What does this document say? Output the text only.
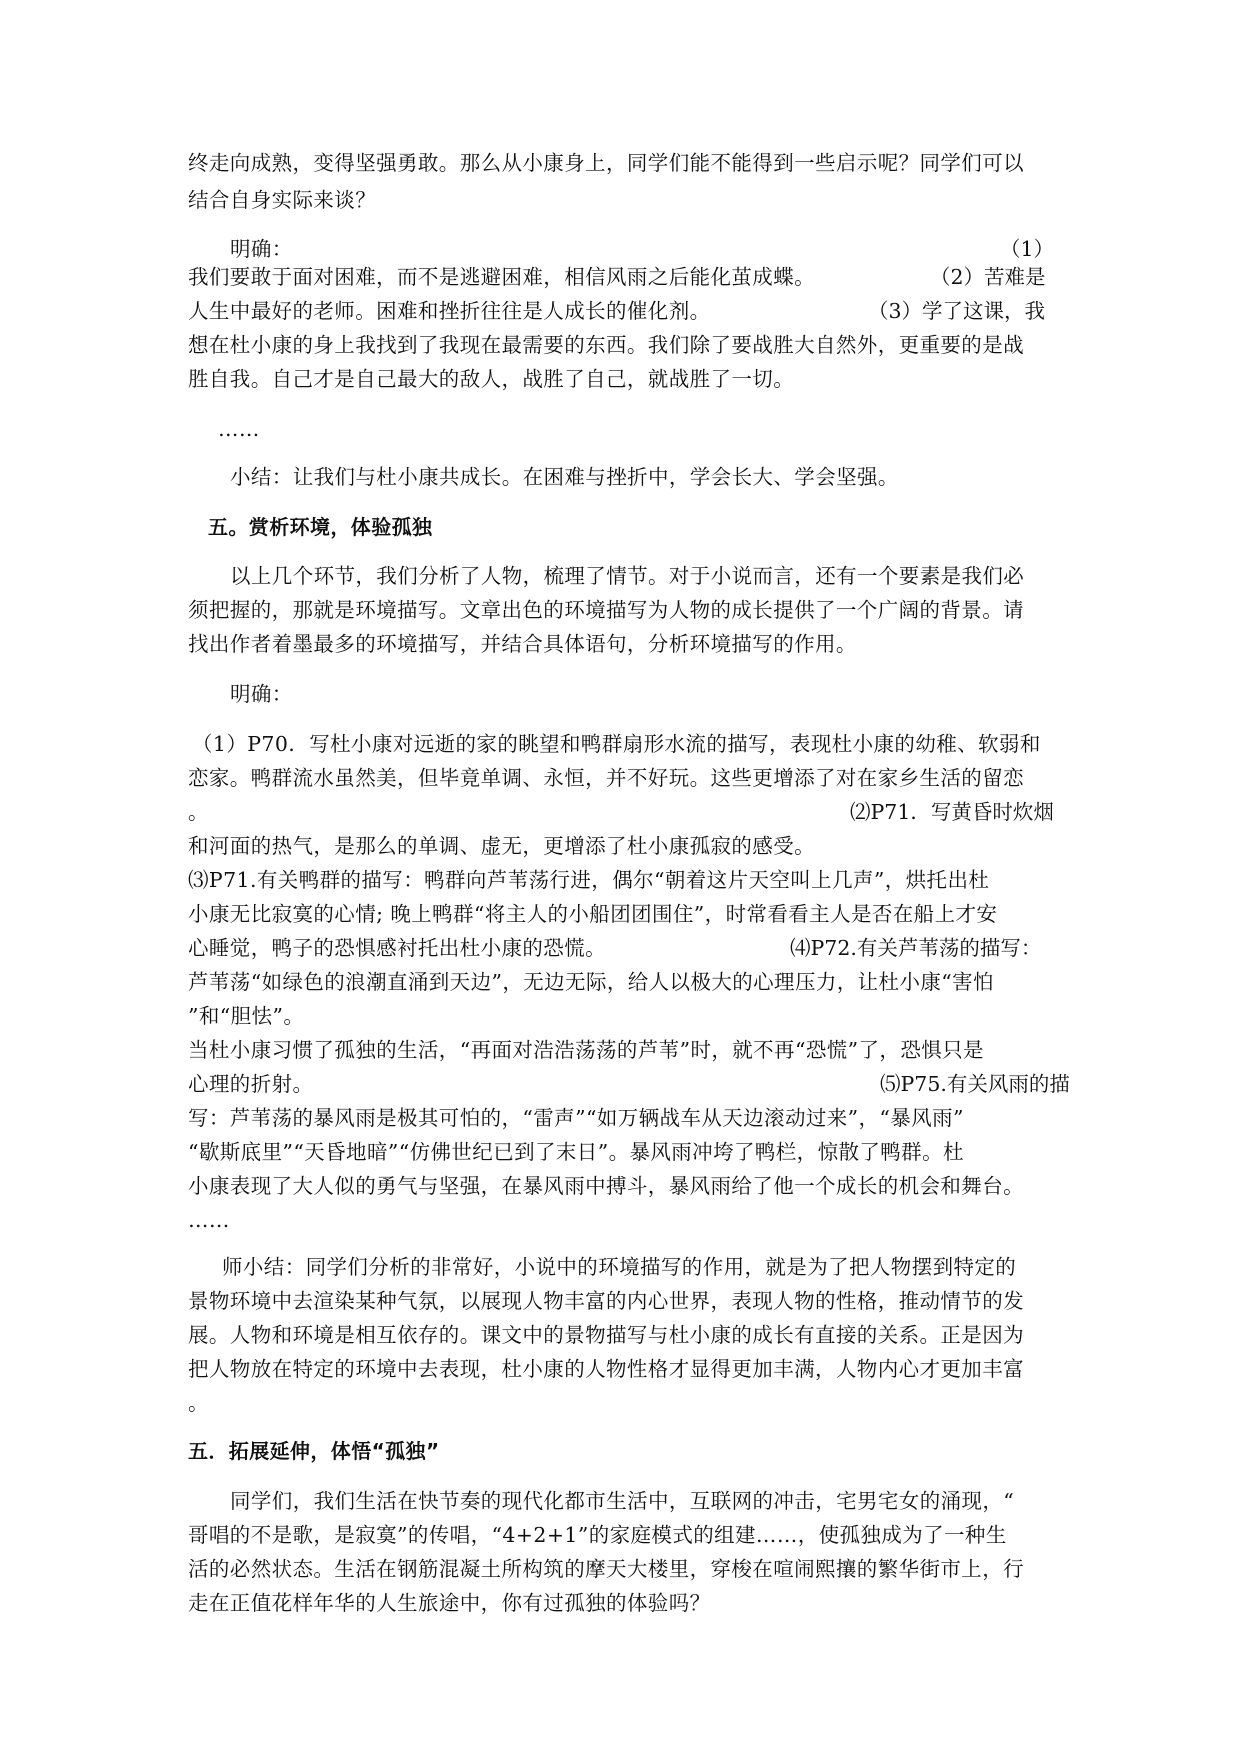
终走向成熟，变得坚强勇敢。那么从小康身上，同学们能不能得到一些启示呢？同学们可以
结合自身实际来谈？
明确：	（1）
我们要敢于面对困难，而不是逃避困难，相信风雨之后能化茧成蝶。	（2）苦难是
人生中最好的老师。困难和挫折往往是人成长的催化剂。	（3）学了这课，我
想在杜小康的身上我找到了我现在最需要的东西。我们除了要战胜大自然外，更重要的是战
胜自我。自己才是自己最大的敌人，战胜了自己，就战胜了一切。
……
小结：让我们与杜小康共成长。在困难与挫折中，学会长大、学会坚强。
五。赏析环境，体验孤独
以上几个环节，我们分析了人物，梳理了情节。对于小说而言，还有一个要素是我们必
须把握的，那就是环境描写。文章出色的环境描写为人物的成长提供了一个广阔的背景。请
找出作者着墨最多的环境描写，并结合具体语句，分析环境描写的作用。
明确：
（1）P70．写杜小康对远逝的家的眺望和鸭群扇形水流的描写，表现杜小康的幼稚、软弱和
恋家。鸭群流水虽然美，但毕竟单调、永恒，并不好玩。这些更增添了对在家乡生活的留恋
。	⑵P71．写黄昏时炊烟
和河面的热气，是那么的单调、虚无，更增添了杜小康孤寂的感受。
⑶P71.有关鸭群的描写：鸭群向芦苇荡行进，偶尔“朝着这片天空叫上几声”，烘托出杜
小康无比寂寞的心情; 晚上鸭群“将主人的小船团团围住”，时常看看主人是否在船上才安
心睡觉，鸭子的恐惧感衬托出杜小康的恐慌。	⑷P72.有关芦苇荡的描写：
芦苇荡“如绿色的浪潮直涌到天边”，无边无际，给人以极大的心理压力，让杜小康“害怕
”和“胆怯”。
当杜小康习惯了孤独的生活，“再面对浩浩荡荡的芦苇”时，就不再“恐慌”了，恐惧只是
心理的折射。	⑸P75.有关风雨的描
写：芦苇荡的暴风雨是极其可怕的，“雷声”“如万辆战车从天边滚动过来”，“暴风雨”
“歇斯底里”“天昏地暗”“仿佛世纪已到了末日”。暴风雨冲垮了鸭栏，惊散了鸭群。杜
小康表现了大人似的勇气与坚强，在暴风雨中搏斗，暴风雨给了他一个成长的机会和舞台。
……
师小结：同学们分析的非常好，小说中的环境描写的作用，就是为了把人物摆到特定的
景物环境中去渲染某种气氛，以展现人物丰富的内心世界，表现人物的性格，推动情节的发
展。人物和环境是相互依存的。课文中的景物描写与杜小康的成长有直接的关系。正是因为
把人物放在特定的环境中去表现，杜小康的人物性格才显得更加丰满，人物内心才更加丰富
。
五．拓展延伸，体悟“孤独”
同学们，我们生活在快节奏的现代化都市生活中，互联网的冲击，宅男宅女的涌现，“
哥唱的不是歌，是寂寞”的传唱，“4+2+1”的家庭模式的组建……，使孤独成为了一种生
活的必然状态。生活在钢筋混凝土所构筑的摩天大楼里，穿梭在喧闹熙攘的繁华街市上，行
走在正值花样年华的人生旅途中，你有过孤独的体验吗？
